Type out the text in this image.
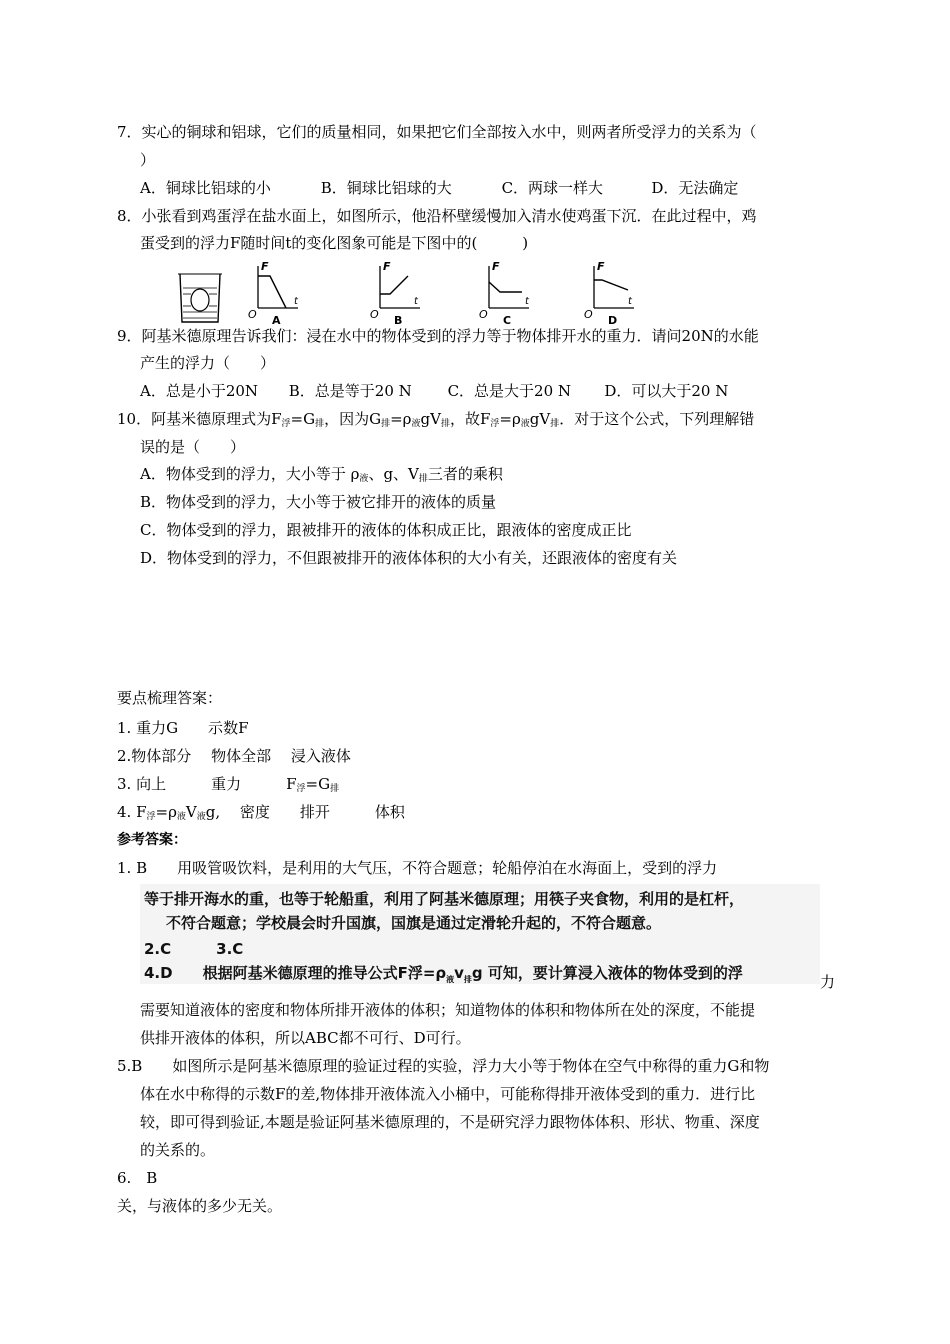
7．实心的铜球和铝球，它们的质量相同，如果把它们全部按入水中，则两者所受浮力的关系为（
）
A．铜球比铝球的小	B．铜球比铝球的大	C．两球一样大	D．无法确定
8．小张看到鸡蛋浮在盐水面上，如图所示，他沿杯壁缓慢加入清水使鸡蛋下沉．在此过程中，鸡
蛋受到的浮力F随时间t的变化图象可能是下图中的(　　　)
F
t
O A
F
t
O B
F
t
O C
F
t
O D
9．阿基米德原理告诉我们：浸在水中的物体受到的浮力等于物体排开水的重力．请问20N的水能
产生的浮力（　　）
A．总是小于20N B．总是等于20 N C．总是大于20 N D．可以大于20 N
10．阿基米德原理式为$F_浮=G_排$，因为$G_排=\rho_液gV_排$，故$F_浮=\rho_液gV_排$．对于这个公式，下列理解错
误的是（　　）
A．物体受到的浮力，大小等于 $\rho_液$、g、$V_排$三者的乘积
B．物体受到的浮力，大小等于被它排开的液体的质量
C．物体受到的浮力，跟被排开的液体的体积成正比，跟液体的密度成正比
D．物体受到的浮力，不但跟被排开的液体体积的大小有关，还跟液体的密度有关
要点梳理答案：
1. 重力G　　示数F
2.物体部分　 物体全部　 浸入液体
3. 向上　　　重力　　　$F_浮=G_排$
4. $F_浮=\rho_液V_液g$,　 密度　　排开　　　体积
参考答案：
1. B　　用吸管吸饮料，是利用的大气压，不符合题意；轮船停泊在水海面上，受到的浮力
等于排开海水的重，也等于轮船重，利用了阿基米德原理；用筷子夹食物，利用的是杠杆，
不符合题意；学校晨会时升国旗，国旗是通过定滑轮升起的，不符合题意。
2.C　　　3.C
4.D　　根据阿基米德原理的推导公式F浮$=\rho_液v_排g$ 可知，要计算浸入液体的物体受到的浮	力
需要知道液体的密度和物体所排开液体的体积；知道物体的体积和物体所在处的深度，不能提
供排开液体的体积，所以ABC都不可行、D可行。
5.B　　如图所示是阿基米德原理的验证过程的实验，浮力大小等于物体在空气中称得的重力G和物
体在水中称得的示数F的差,物体排开液体流入小桶中，可能称得排开液体受到的重力．进行比
较，即可得到验证,本题是验证阿基米德原理的，不是研究浮力跟物体体积、形状、物重、深度
的关系的。
6.　B
关，与液体的多少无关。
